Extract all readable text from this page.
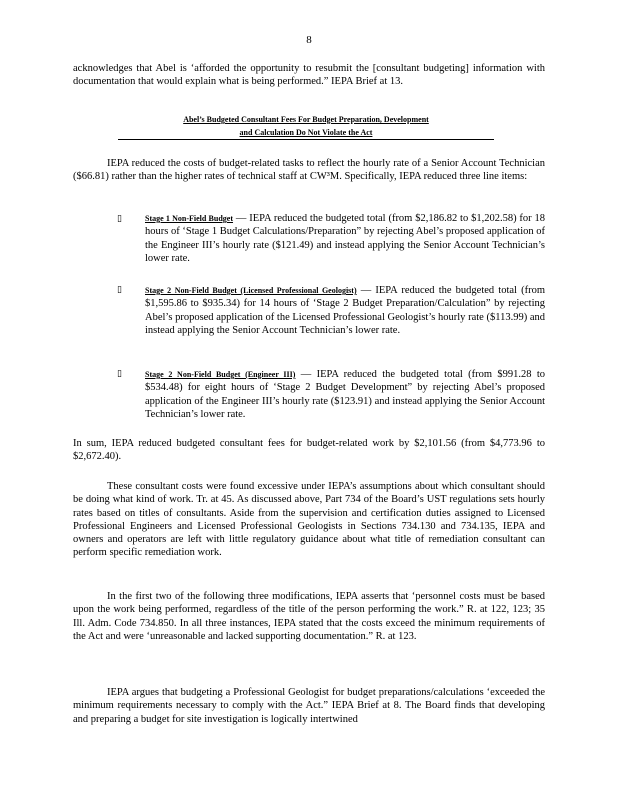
8

acknowledges that Abel is ‘afforded the opportunity to resubmit the [consultant budgeting] information with documentation that would explain what is being performed.” IEPA Brief at 13.

Abel’s Budgeted Consultant Fees For Budget Preparation, Development
and Calculation Do Not Violate the Act

IEPA reduced the costs of budget-related tasks to reflect the hourly rate of a Senior Account Technician ($66.81) rather than the higher rates of technical staff at CW³M. Specifically, IEPA reduced three line items:

▯	Stage 1 Non-Field Budget — IEPA reduced the budgeted total (from $2,186.82 to $1,202.58) for 18 hours of ‘Stage 1 Budget Calculations/Preparation” by rejecting Abel’s proposed application of the Engineer III’s hourly rate ($121.49) and instead applying the Senior Account Technician’s lower rate.

▯	Stage 2 Non-Field Budget (Licensed Professional Geologist) — IEPA reduced the budgeted total (from $1,595.86 to $935.34) for 14 hours of ‘Stage 2 Budget Preparation/Calculation” by rejecting Abel’s proposed application of the Licensed Professional Geologist’s hourly rate ($113.99) and instead applying the Senior Account Technician’s lower rate.

▯	Stage 2 Non-Field Budget (Engineer III) — IEPA reduced the budgeted total (from $991.28 to $534.48) for eight hours of ‘Stage 2 Budget Development” by rejecting Abel’s proposed application of the Engineer III’s hourly rate ($123.91) and instead applying the Senior Account Technician’s lower rate.

In sum, IEPA reduced budgeted consultant fees for budget-related work by $2,101.56 (from $4,773.96 to $2,672.40).

These consultant costs were found excessive under IEPA’s assumptions about which consultant should be doing what kind of work. Tr. at 45. As discussed above, Part 734 of the Board’s UST regulations sets hourly rates based on titles of consultants. Aside from the supervision and certification duties assigned to Licensed Professional Engineers and Licensed Professional Geologists in Sections 734.130 and 734.135, IEPA and owners and operators are left with little regulatory guidance about what title of remediation consultant can perform specific remediation work.

In the first two of the following three modifications, IEPA asserts that ‘personnel costs must be based upon the work being performed, regardless of the title of the person performing the work.” R. at 122, 123; 35 Ill. Adm. Code 734.850. In all three instances, IEPA stated that the costs exceed the minimum requirements of the Act and were ‘unreasonable and lacked supporting documentation.” R. at 123.

IEPA argues that budgeting a Professional Geologist for budget preparations/calculations ‘exceeded the minimum requirements necessary to comply with the Act.” IEPA Brief at 8. The Board finds that developing and preparing a budget for site investigation is logically intertwined
